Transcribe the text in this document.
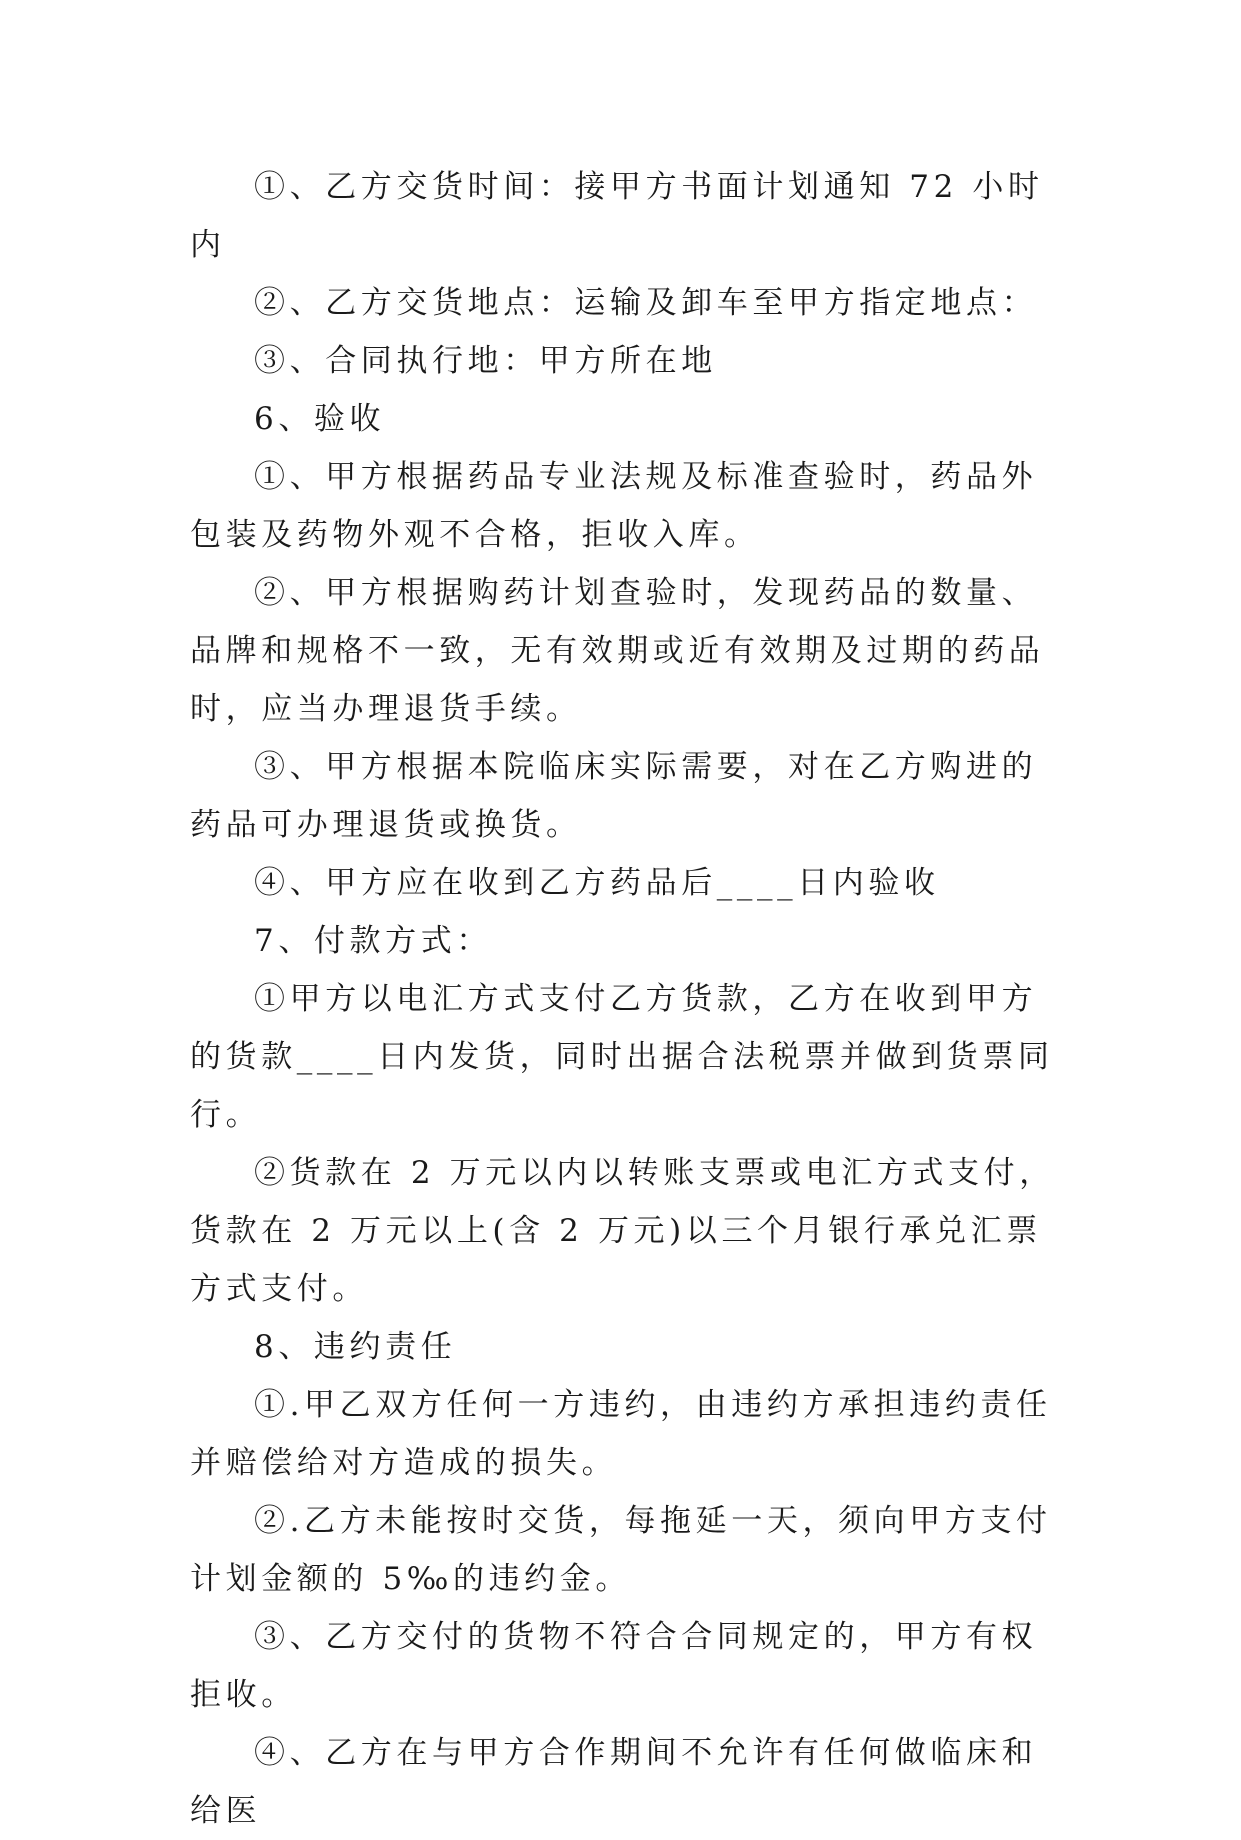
①、乙方交货时间：接甲方书面计划通知 72 小时内

②、乙方交货地点：运输及卸车至甲方指定地点：

③、合同执行地：甲方所在地

6、验收

①、甲方根据药品专业法规及标准查验时，药品外包装及药物外观不合格，拒收入库。

②、甲方根据购药计划查验时，发现药品的数量、品牌和规格不一致，无有效期或近有效期及过期的药品时，应当办理退货手续。

③、甲方根据本院临床实际需要，对在乙方购进的药品可办理退货或换货。

④、甲方应在收到乙方药品后____日内验收

7、付款方式：

①甲方以电汇方式支付乙方货款，乙方在收到甲方的货款____日内发货，同时出据合法税票并做到货票同行。

②货款在 2 万元以内以转账支票或电汇方式支付，货款在 2 万元以上(含 2 万元)以三个月银行承兑汇票方式支付。

8、违约责任

①.甲乙双方任何一方违约，由违约方承担违约责任并赔偿给对方造成的损失。

②.乙方未能按时交货，每拖延一天，须向甲方支付计划金额的 5‰的违约金。

③、乙方交付的货物不符合合同规定的，甲方有权拒收。

④、乙方在与甲方合作期间不允许有任何做临床和给医
